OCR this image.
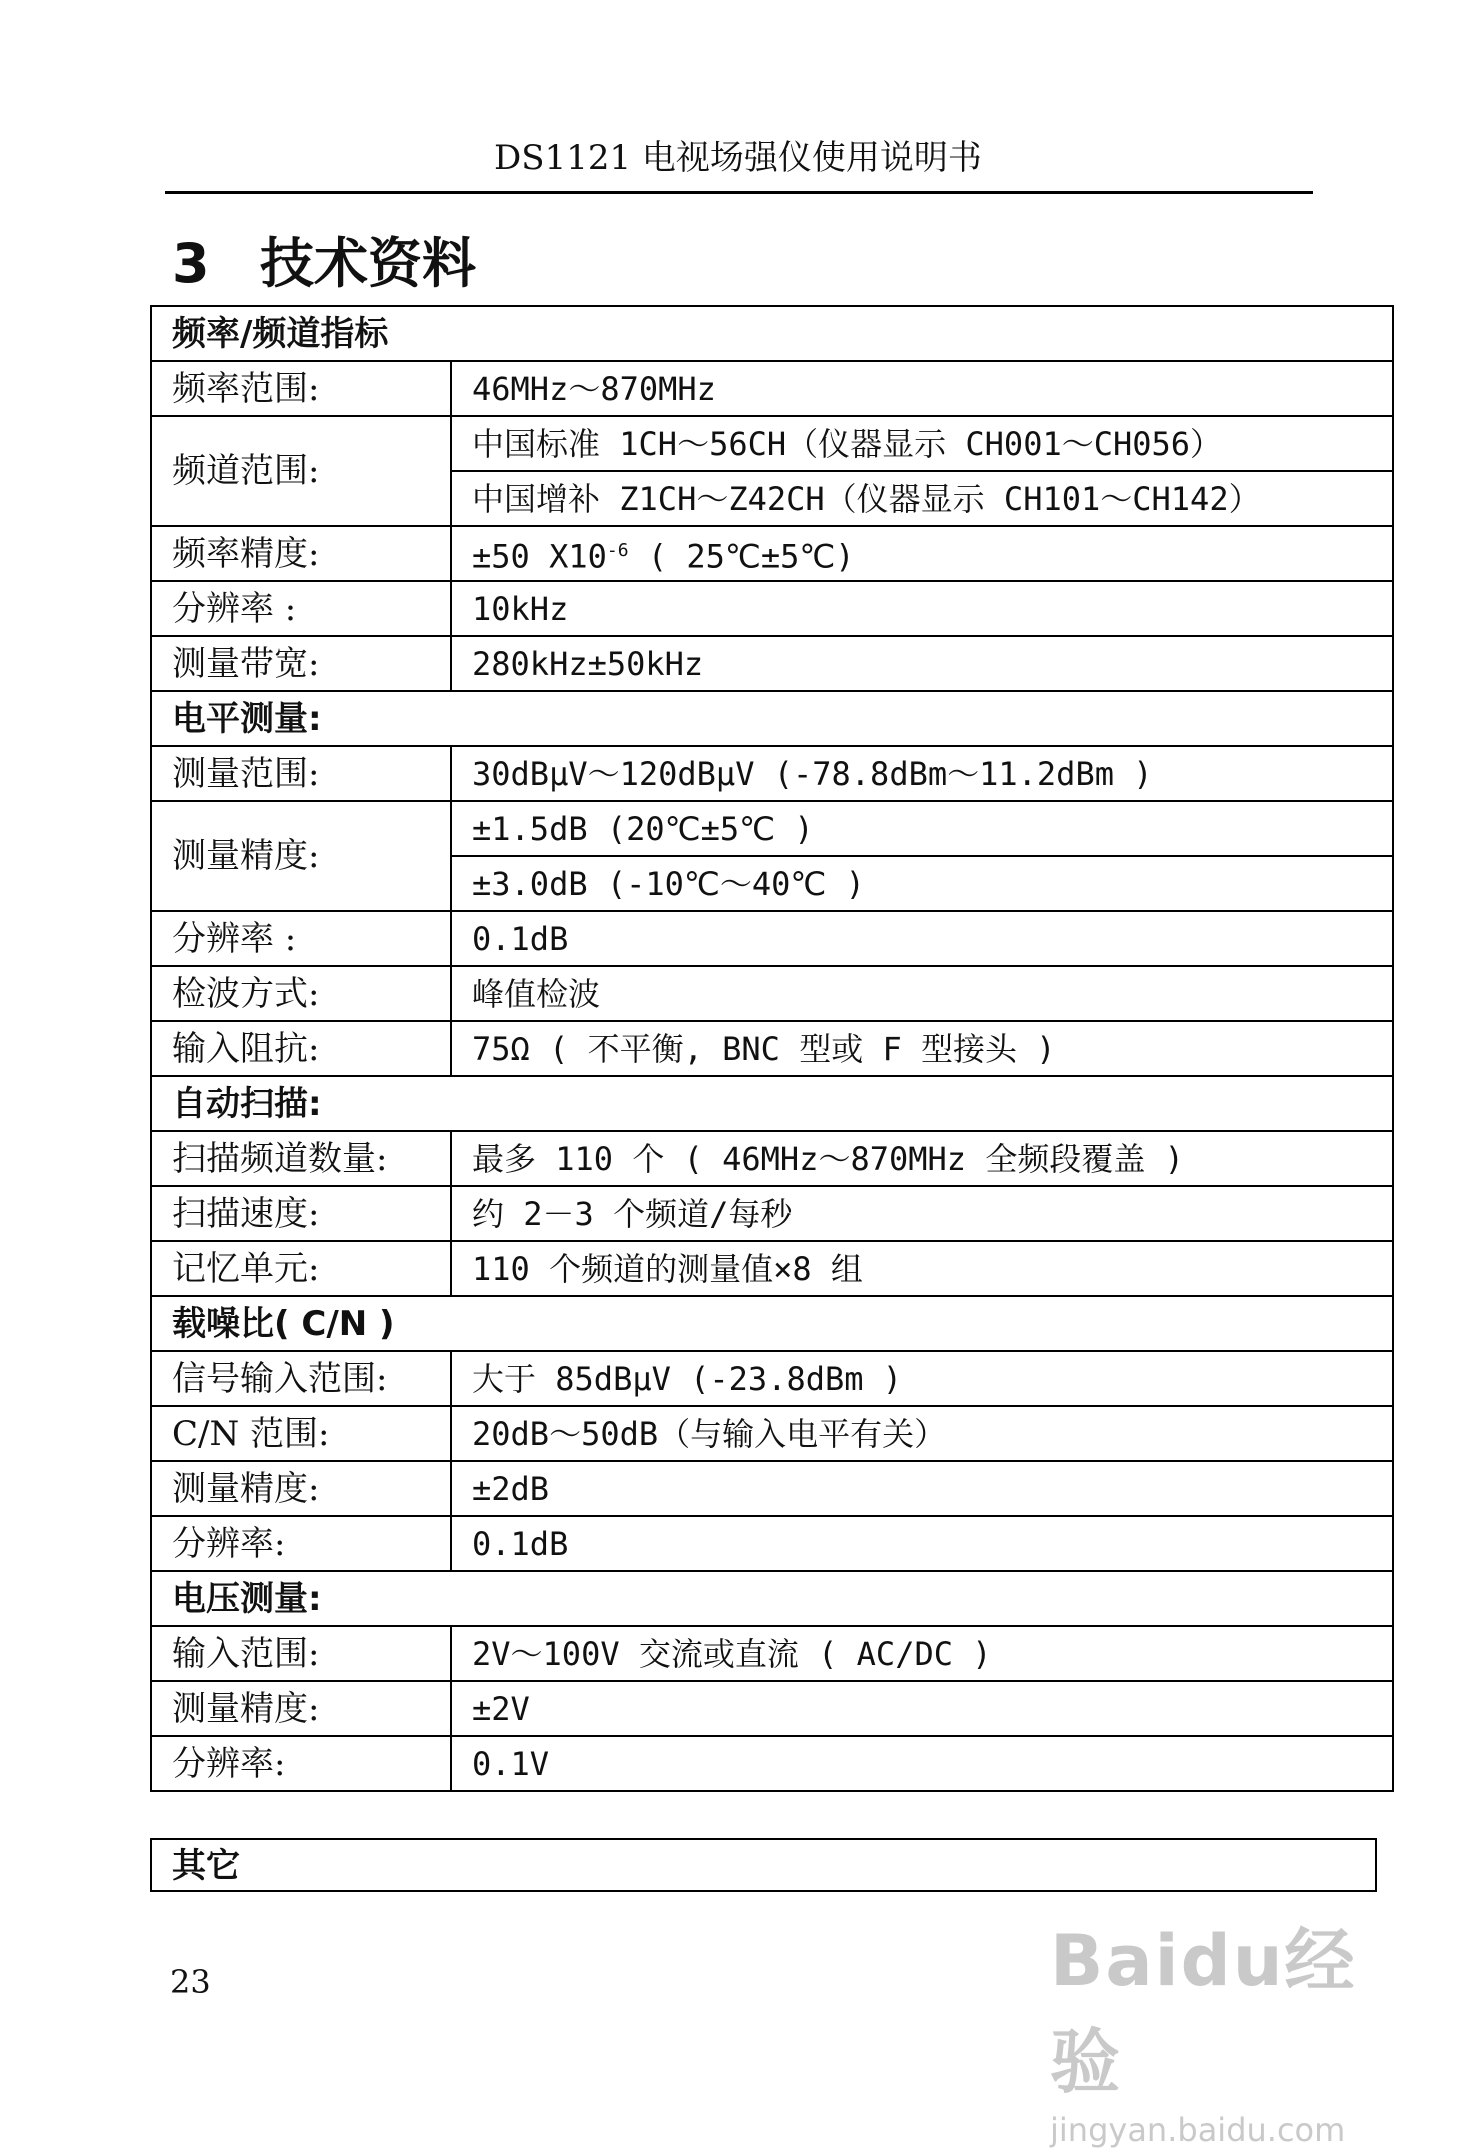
DS1121 电视场强仪使用说明书
3 技术资料
频率/频道指标	
频率范围:	46MHz～870MHz
频道范围:	中国标准 1CH～56CH（仪器显示 CH001～CH056）
	中国增补 Z1CH～Z42CH（仪器显示 CH101～CH142）
频率精度:	±50 $X10^{-6}$ ( 25℃±5℃)
分辨率 :	10kHz
测量带宽:	280kHz±50kHz
电平测量:	
测量范围:	30dBμV～120dBμV (-78.8dBm～11.2dBm )
测量精度:	±1.5dB (20℃±5℃ )
	±3.0dB (-10℃～40℃ )
分辨率 :	0.1dB
检波方式:	峰值检波
输入阻抗:	75Ω ( 不平衡, BNC 型或 F 型接头 )
自动扫描:	
扫描频道数量:	最多 110 个 ( 46MHz～870MHz 全频段覆盖 )
扫描速度:	约 2－3 个频道/每秒
记忆单元:	110 个频道的测量值×8 组
载噪比( C/N )	
信号输入范围:	大于 85dBμV (-23.8dBm )
C/N 范围:	20dB～50dB（与输入电平有关）
测量精度:	±2dB
分辨率:	0.1dB
电压测量:	
输入范围:	2V～100V 交流或直流 ( AC/DC )
测量精度:	±2V
分辨率:	0.1V
其它
23	Baidu经验
jingyan.baidu.com
